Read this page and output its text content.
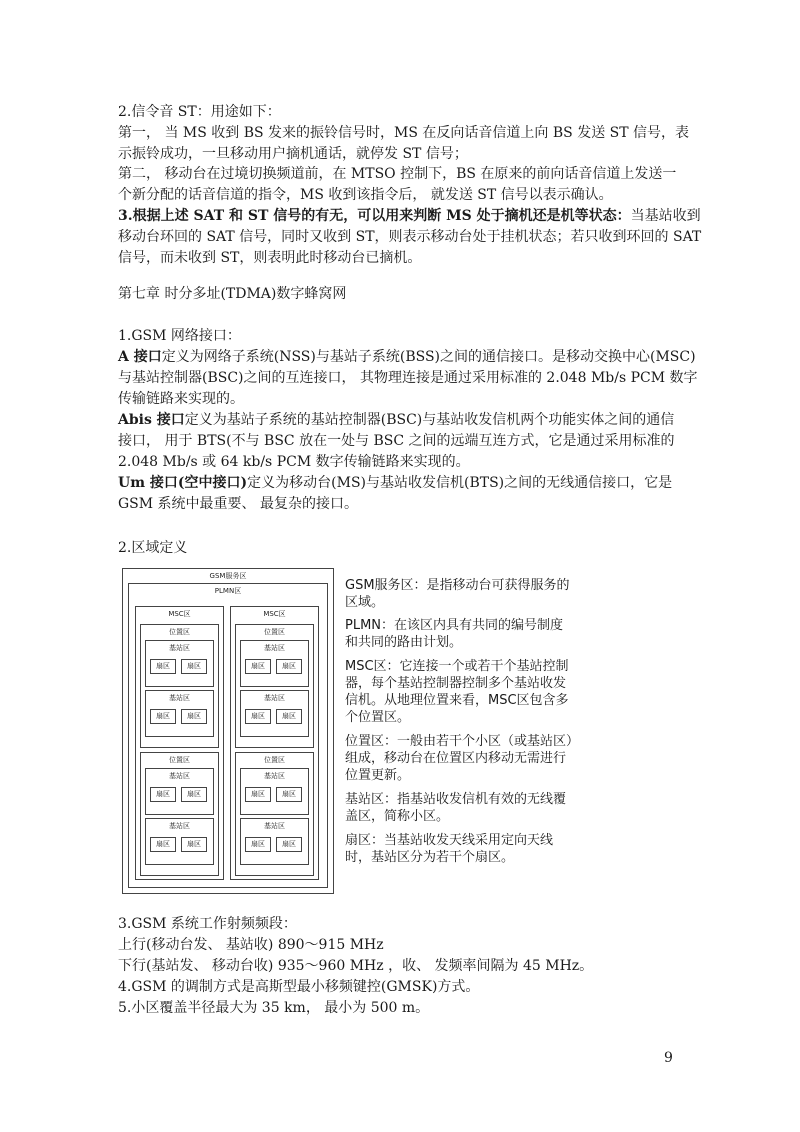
2.信令音 ST：用途如下：
第一， 当 MS 收到 BS 发来的振铃信号时，MS 在反向话音信道上向 BS 发送 ST 信号，表
示振铃成功，一旦移动用户摘机通话，就停发 ST 信号；
第二， 移动台在过境切换频道前，在 MTSO 控制下，BS 在原来的前向话音信道上发送一
个新分配的话音信道的指令，MS 收到该指令后， 就发送 ST 信号以表示确认。
3.根据上述 SAT 和 ST 信号的有无，可以用来判断 MS 处于摘机还是机等状态：当基站收到
移动台环回的 SAT 信号，同时又收到 ST，则表示移动台处于挂机状态；若只收到环回的 SAT
信号，而未收到 ST，则表明此时移动台已摘机。
第七章 时分多址(TDMA)数字蜂窝网
1.GSM 网络接口：
A 接口定义为网络子系统(NSS)与基站子系统(BSS)之间的通信接口。是移动交换中心(MSC)
与基站控制器(BSC)之间的互连接口， 其物理连接是通过采用标准的 2.048 Mb/s PCM 数字
传输链路来实现的。
Abis 接口定义为基站子系统的基站控制器(BSC)与基站收发信机两个功能实体之间的通信
接口， 用于 BTS(不与 BSC 放在一处与 BSC 之间的远端互连方式，它是通过采用标准的
2.048 Mb/s 或 64 kb/s PCM 数字传输链路来实现的。
Um 接口(空中接口)定义为移动台(MS)与基站收发信机(BTS)之间的无线通信接口，它是
GSM 系统中最重要、 最复杂的接口。
2.区域定义
GSM服务区
PLMN区
MSC区
位置区
基站区
扇区	扇区
基站区
扇区	扇区
位置区
基站区
扇区	扇区
基站区
扇区	扇区
MSC区
位置区
基站区
扇区	扇区
基站区
扇区	扇区
位置区
基站区
扇区	扇区
基站区
扇区	扇区
GSM服务区：是指移动台可获得服务的
区域。
PLMN：在该区内具有共同的编号制度
和共同的路由计划。
MSC区：它连接一个或若干个基站控制
器，每个基站控制器控制多个基站收发
信机。从地理位置来看，MSC区包含多
个位置区。
位置区：一般由若干个小区（或基站区）
组成，移动台在位置区内移动无需进行
位置更新。
基站区：指基站收发信机有效的无线覆
盖区，简称小区。
扇区：当基站收发天线采用定向天线
时，基站区分为若干个扇区。
3.GSM 系统工作射频频段：
上行(移动台发、 基站收) 890～915 MHz
下行(基站发、 移动台收) 935～960 MHz ，收、 发频率间隔为 45 MHz。
4.GSM 的调制方式是高斯型最小移频键控(GMSK)方式。
5.小区覆盖半径最大为 35 km， 最小为 500 m。
9
